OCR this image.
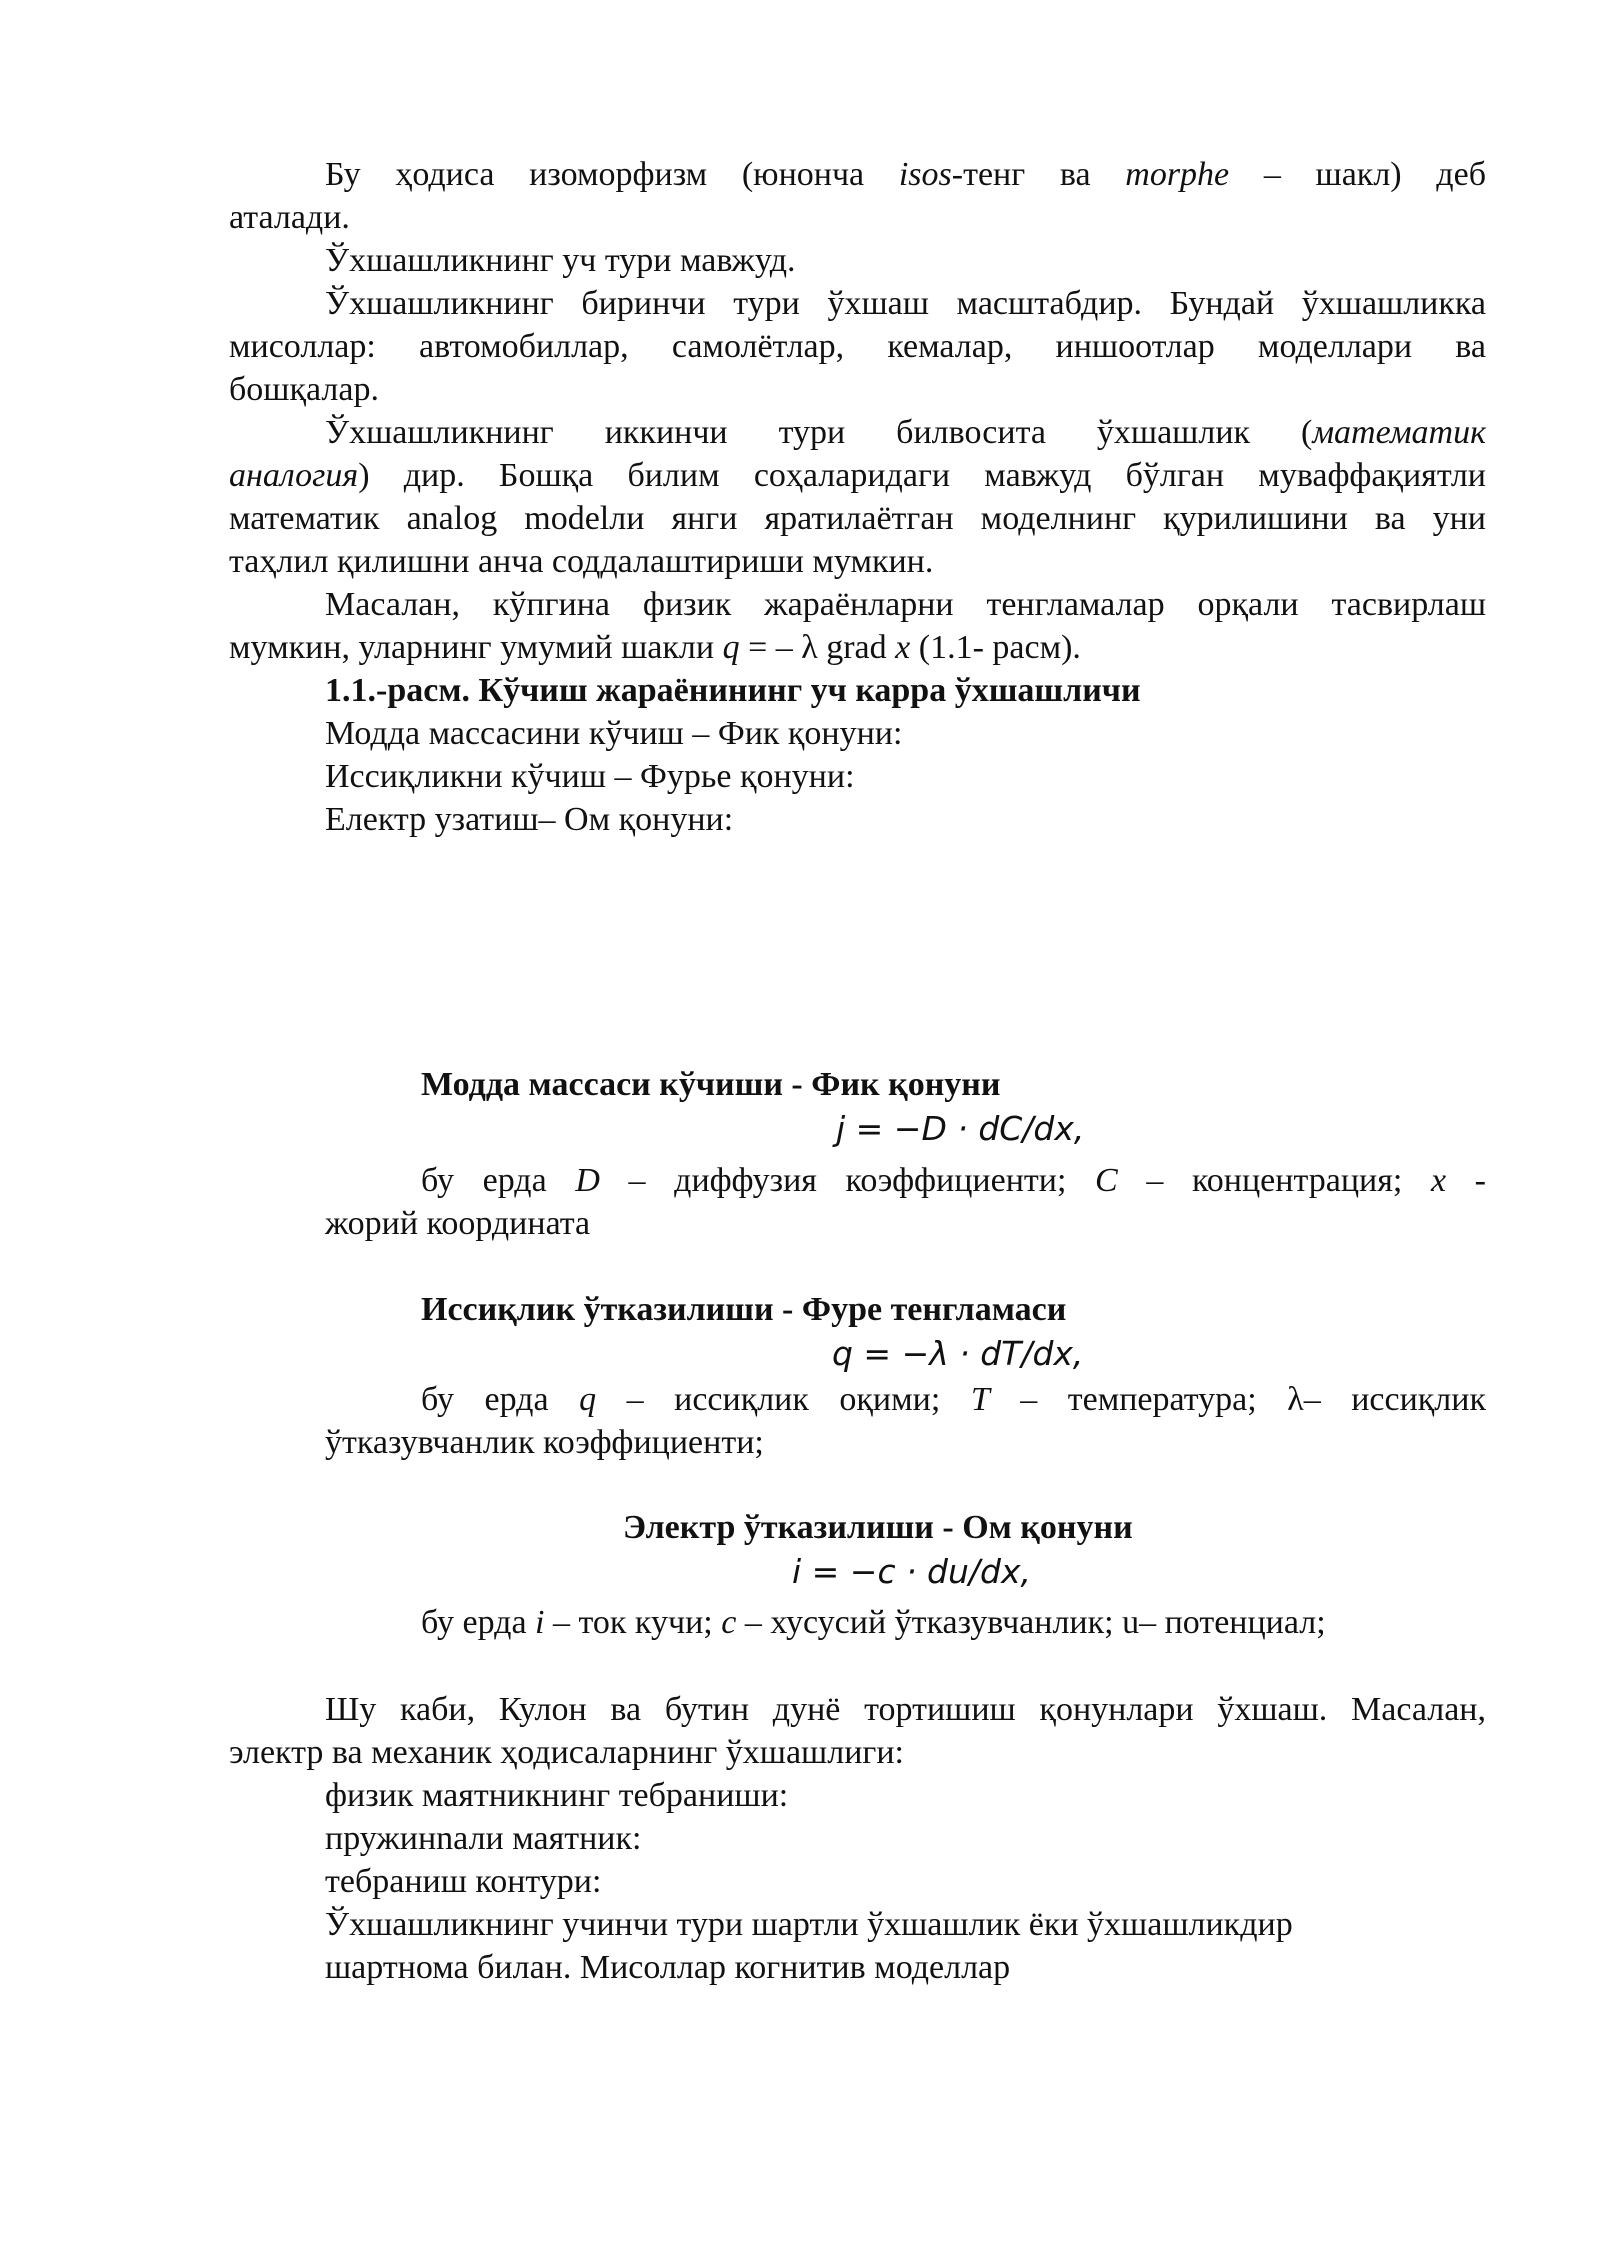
Бу ҳодиса изоморфизм (юнонча isos-тенг ва morphe – шакл) деб
аталади.
Ўхшашликнинг уч тури мавжуд.
Ўхшашликнинг биринчи тури ўхшаш масштабдир. Бундай ўхшашликка
мисоллар: автомобиллар, самолётлар, кемалар, иншоотлар моделлари ва
бошқалар.
Ўхшашликнинг иккинчи тури билвосита ўхшашлик (математик
аналогия) дир. Бошқа билим соҳаларидаги мавжуд бўлган муваффақиятли
математик analog modelли янги яратилаётган моделнинг қурилишини ва уни
таҳлил қилишни анча соддалаштириши мумкин.
Масалан, кўпгина физик жараёнларни тенгламалар орқали тасвирлаш
мумкин, уларнинг умумий шакли q = – λ grad x (1.1- расм).
1.1.-расм. Кўчиш жараёнининг уч карра ўхшашличи
Модда массасини кўчиш – Фик қонуни:
Иссиқликни кўчиш – Фурье қонуни:
Електр узатиш– Ом қонуни:
Модда массаси кўчиши - Фик қонуни
j = −D · dC/dx,
бу ерда D – диффузия коэффициенти; C – концентрация; x -
жорий координата
Иссиқлик ўтказилиши - Фуре тенгламаси
q = −λ · dT/dx,
бу ерда q – иссиқлик оқими; T – температура; λ– иссиқлик
ўтказувчанлик коэффициенти;
Электр ўтказилиши - Ом қонуни
i = −c · du/dx,
бу ерда i – ток кучи; c – хусусий ўтказувчанлик; u– потенциал;
Шу каби, Кулон ва бутин дунё тортишиш қонунлари ўхшаш. Масалан,
электр ва механик ҳодисаларнинг ўхшашлиги:
физик маятникнинг тебраниши:
пружинnали маятник:
тебраниш контури:
Ўхшашликнинг учинчи тури шартли ўхшашлик ёки ўхшашликдир
шартнома билан. Мисоллар когнитив моделлар
